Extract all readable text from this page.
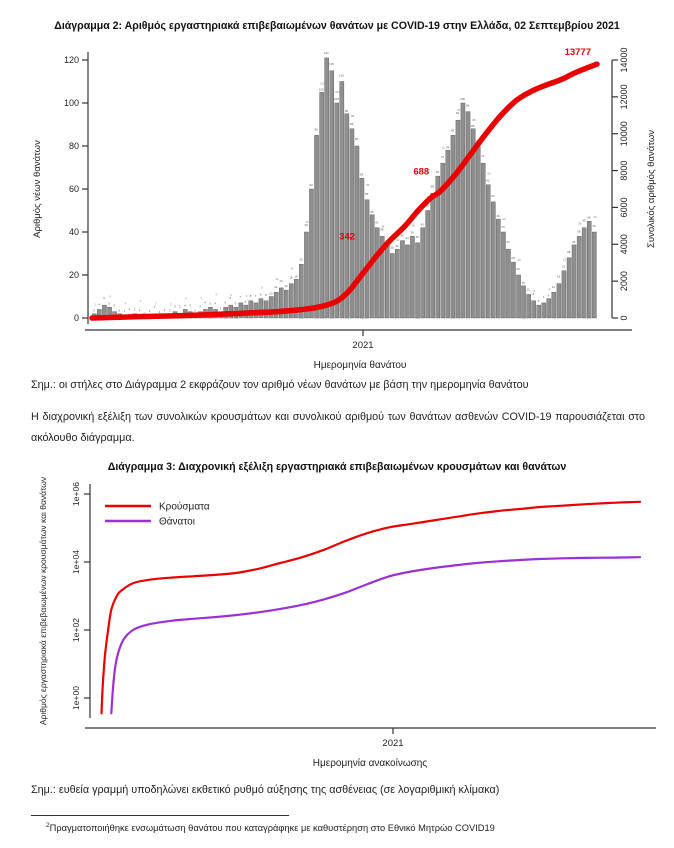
Διάγραμμα 2: Αριθμός εργαστηριακά επιβεβαιωμένων θανάτων με COVID-19 στην Ελλάδα, 02 Σεπτεμβρίου 2021
0
20
40
60
80
100
120
Αριθμός νέων θανάτων
0
2000
4000
6000
8000
10000
12000
14000
Συνολικός αριθμός θανάτων
2021
Ημερομηνία θανάτου
2
2 4
6
5
5
3
2 1
1
1 2 1
1
0
1
2
2
1 1 2
2 3 2 4
4
3
2
3
3
4 5 4
4
3
5
6
6
5
7
6
6 8 7 9
9
8 10
12
12 14
13
16
16
18
25
40
40
60
85
105
105
121
115
100
100
110
95
88
88
80
65
55
55
48
42
38
38
34
30 32
32
36
34
38
38
35
42
50
50
58
66
72
72 78
85
92
92
100
96
88
88
80
72
62
62
54
46
40
40
32
26
20
20
15
11
8
8
6
7 9
9
12
16
22
22
28
34
38
38
42
45
40
40
342
688
13777
Σημ.: οι στήλες στο Διάγραμμα 2 εκφράζουν τον αριθμό νέων θανάτων με βάση την ημερομηνία θανάτου
Η διαχρονική εξέλιξη των συνολικών κρουσμάτων και συνολικού αριθμού των θανάτων ασθενών COVID-19 παρουσιάζεται στο ακόλουθο διάγραμμα.
Διάγραμμα 3: Διαχρονική εξέλιξη εργαστηριακά επιβεβαιωμένων κρουσμάτων και θανάτων
1e+00
1e+02
1e+04
1e+06
Αριθμός εργαστηριακά επιβεβαιωμένων κρουσμάτων και θανάτων
2021
Ημερομηνία ανακοίνωσης
Κρούσματα
Θάνατοι
Σημ.: ευθεία γραμμή υποδηλώνει εκθετικό ρυθμό αύξησης της ασθένειας (σε λογαριθμική κλίμακα)
$^2$Πραγματοποιήθηκε ενσωμάτωση θανάτου που καταγράφηκε με καθυστέρηση στο Εθνικό Μητρώο COVID19
